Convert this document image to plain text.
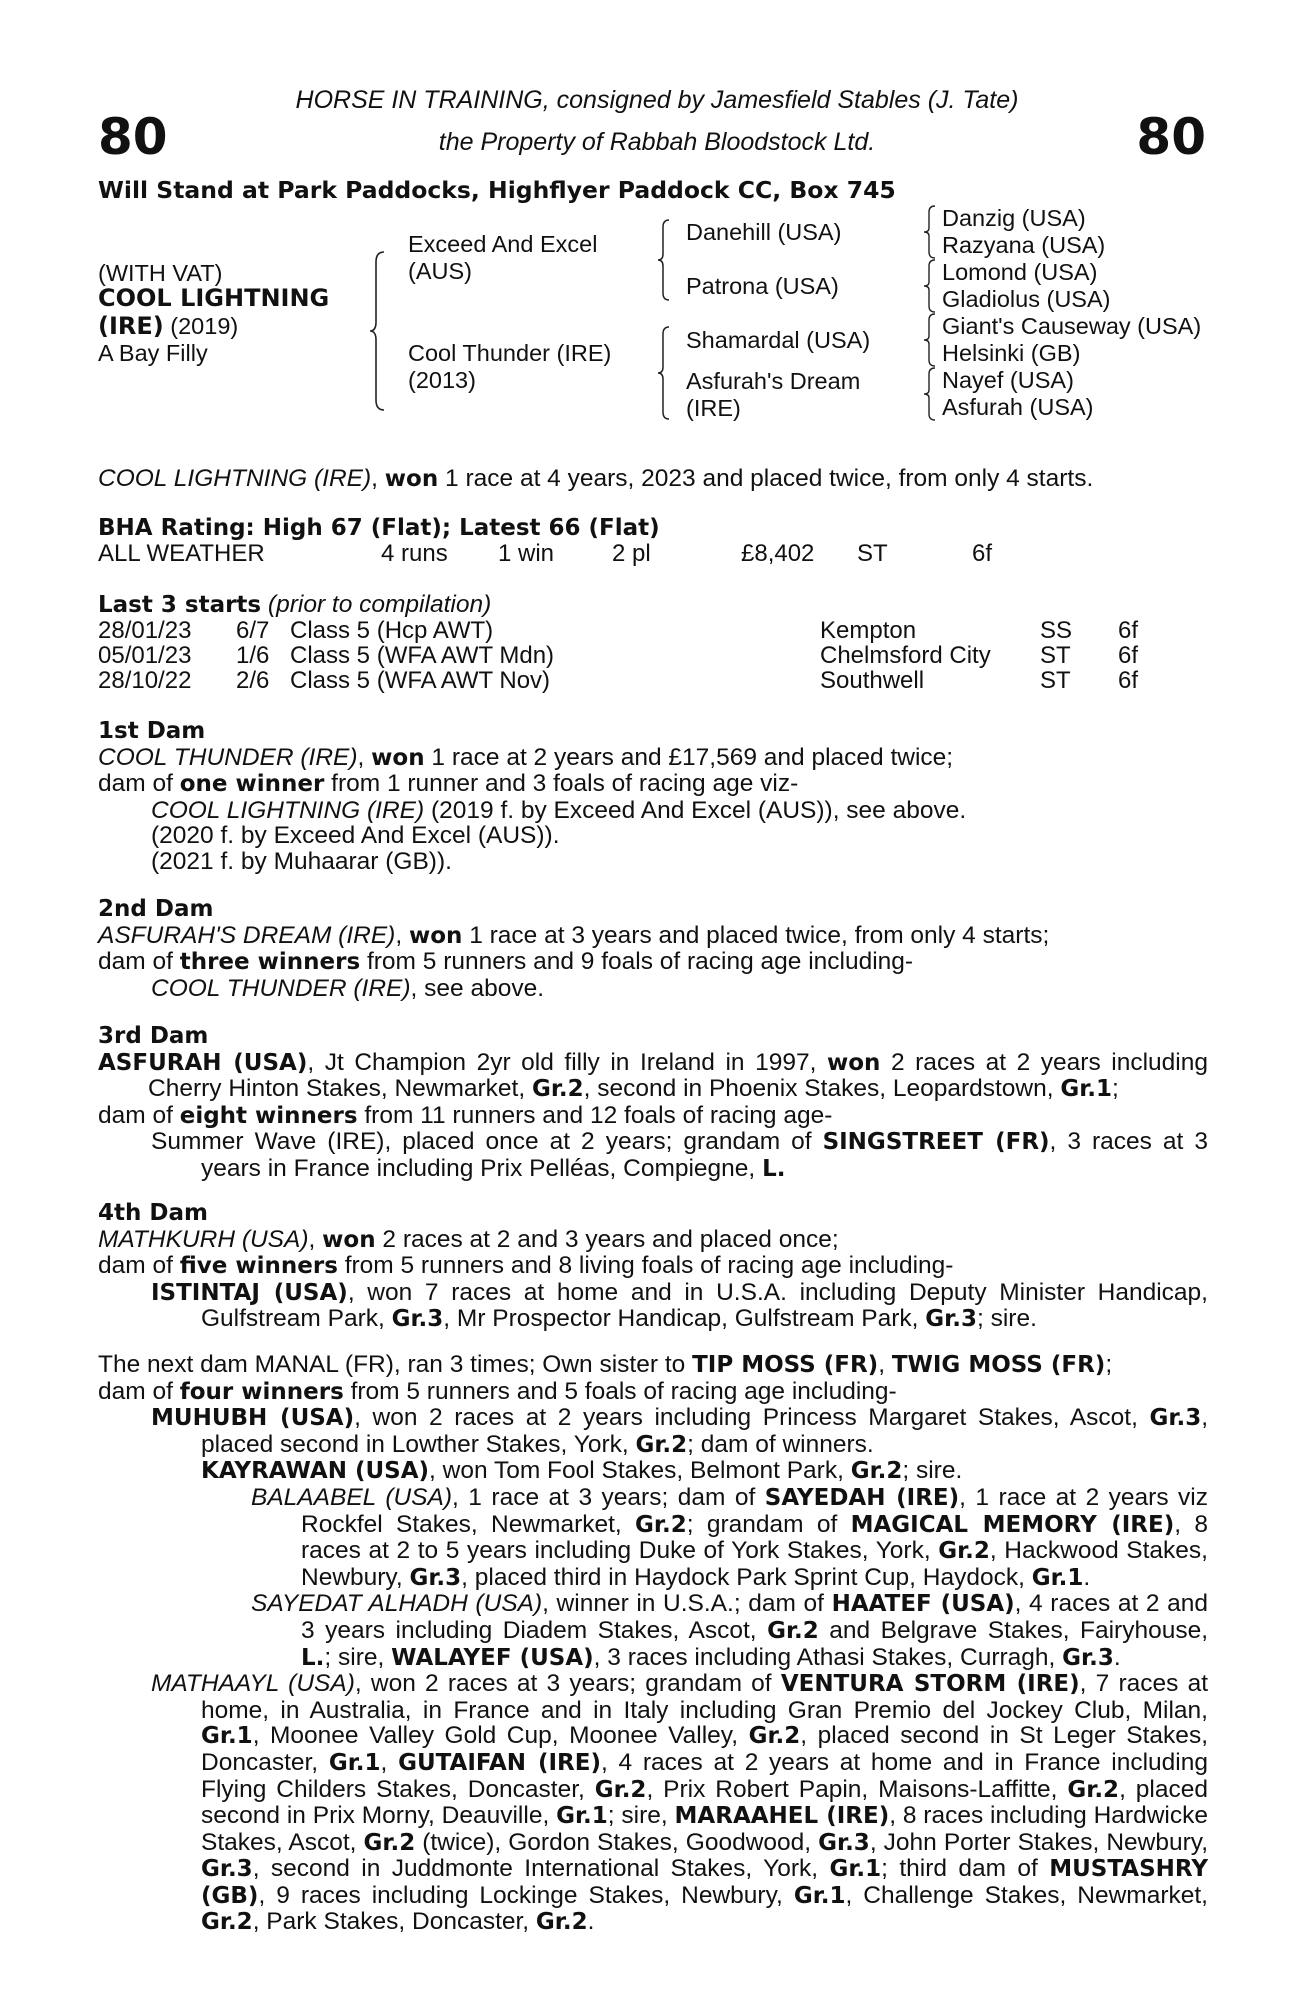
80	80
HORSE IN TRAINING, consigned by Jamesfield Stables (J. Tate)
the Property of Rabbah Bloodstock Ltd.
Will Stand at Park Paddocks, Highflyer Paddock CC, Box 745
(WITH VAT)
COOL LIGHTNING
(IRE) (2019)
A Bay Filly
Exceed And Excel
(AUS)
Cool Thunder (IRE)
(2013)
Danehill (USA)
Patrona (USA)
Shamardal (USA)
Asfurah's Dream
(IRE)
Danzig (USA)
Razyana (USA)
Lomond (USA)
Gladiolus (USA)
Giant's Causeway (USA)
Helsinki (GB)
Nayef (USA)
Asfurah (USA)
COOL LIGHTNING (IRE), won 1 race at 4 years, 2023 and placed twice, from only 4 starts.
BHA Rating: High 67 (Flat); Latest 66 (Flat)
ALL WEATHER	4 runs 1 win 2 pl	£8,402 ST	6f
Last 3 starts (prior to compilation)
28/01/23 6/7 Class 5 (Hcp AWT)	Kempton	SS 6f
05/01/23 1/6 Class 5 (WFA AWT Mdn)	Chelmsford City ST 6f
28/10/22 2/6 Class 5 (WFA AWT Nov)	Southwell	ST 6f

1st Dam

COOL THUNDER (IRE), won 1 race at 2 years and £17,569 and placed twice;

dam of one winner from 1 runner and 3 foals of racing age viz-

COOL LIGHTNING (IRE) (2019 f. by Exceed And Excel (AUS)), see above.

(2020 f. by Exceed And Excel (AUS)).

(2021 f. by Muhaarar (GB)).

2nd Dam

ASFURAH'S DREAM (IRE), won 1 race at 3 years and placed twice, from only 4 starts;

dam of three winners from 5 runners and 9 foals of racing age including-

COOL THUNDER (IRE), see above.

3rd Dam

ASFURAH (USA), Jt Champion 2yr old filly in Ireland in 1997, won 2 races at 2 years including Cherry Hinton Stakes, Newmarket, Gr.2, second in Phoenix Stakes, Leopardstown, Gr.1;

dam of eight winners from 11 runners and 12 foals of racing age-

Summer Wave (IRE), placed once at 2 years; grandam of SINGSTREET (FR), 3 races at 3 years in France including Prix Pelléas, Compiegne, L.

4th Dam

MATHKURH (USA), won 2 races at 2 and 3 years and placed once;

dam of five winners from 5 runners and 8 living foals of racing age including-

ISTINTAJ (USA), won 7 races at home and in U.S.A. including Deputy Minister Handicap, Gulfstream Park, Gr.3, Mr Prospector Handicap, Gulfstream Park, Gr.3; sire.

The next dam MANAL (FR), ran 3 times; Own sister to TIP MOSS (FR), TWIG MOSS (FR);

dam of four winners from 5 runners and 5 foals of racing age including-

MUHUBH (USA), won 2 races at 2 years including Princess Margaret Stakes, Ascot, Gr.3, placed second in Lowther Stakes, York, Gr.2; dam of winners.

KAYRAWAN (USA), won Tom Fool Stakes, Belmont Park, Gr.2; sire.

BALAABEL (USA), 1 race at 3 years; dam of SAYEDAH (IRE), 1 race at 2 years viz Rockfel Stakes, Newmarket, Gr.2; grandam of MAGICAL MEMORY (IRE), 8 races at 2 to 5 years including Duke of York Stakes, York, Gr.2, Hackwood Stakes, Newbury, Gr.3, placed third in Haydock Park Sprint Cup, Haydock, Gr.1.

SAYEDAT ALHADH (USA), winner in U.S.A.; dam of HAATEF (USA), 4 races at 2 and 3 years including Diadem Stakes, Ascot, Gr.2 and Belgrave Stakes, Fairyhouse, L.; sire, WALAYEF (USA), 3 races including Athasi Stakes, Curragh, Gr.3.

MATHAAYL (USA), won 2 races at 3 years; grandam of VENTURA STORM (IRE), 7 races at home, in Australia, in France and in Italy including Gran Premio del Jockey Club, Milan, Gr.1, Moonee Valley Gold Cup, Moonee Valley, Gr.2, placed second in St Leger Stakes, Doncaster, Gr.1, GUTAIFAN (IRE), 4 races at 2 years at home and in France including Flying Childers Stakes, Doncaster, Gr.2, Prix Robert Papin, Maisons-Laffitte, Gr.2, placed second in Prix Morny, Deauville, Gr.1; sire, MARAAHEL (IRE), 8 races including Hardwicke Stakes, Ascot, Gr.2 (twice), Gordon Stakes, Goodwood, Gr.3, John Porter Stakes, Newbury, Gr.3, second in Juddmonte International Stakes, York, Gr.1; third dam of MUSTASHRY (GB), 9 races including Lockinge Stakes, Newbury, Gr.1, Challenge Stakes, Newmarket, Gr.2, Park Stakes, Doncaster, Gr.2.
